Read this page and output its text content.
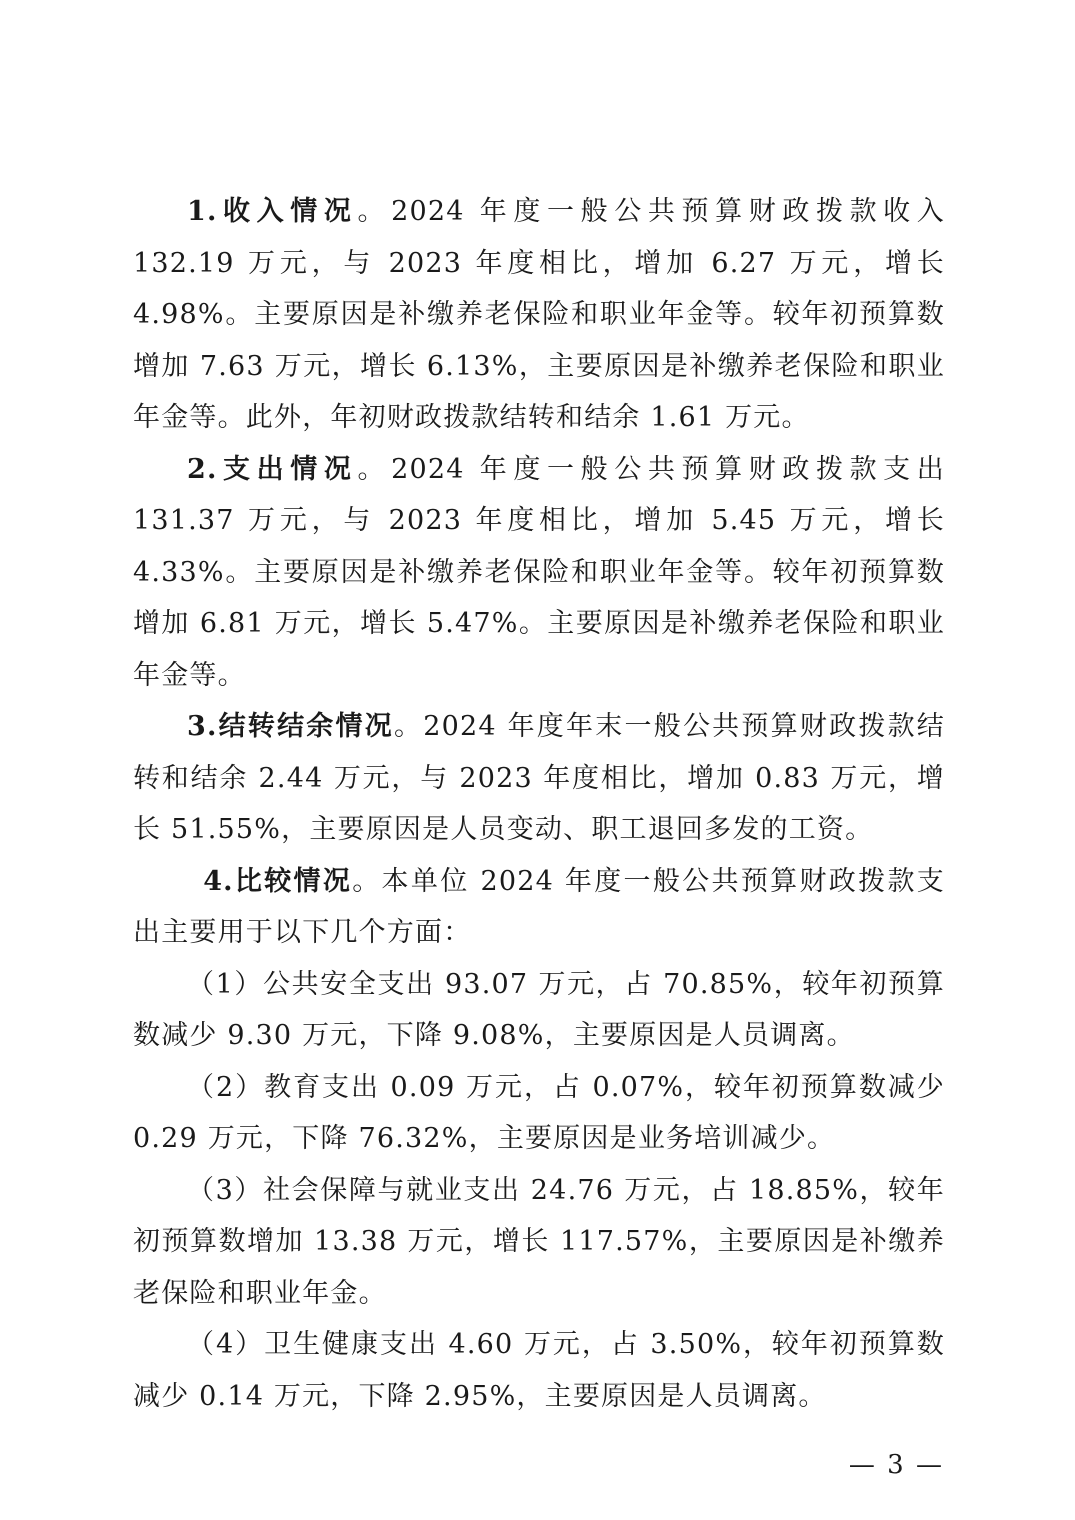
1.收入情况。2024 年度一般公共预算财政拨款收入 132.19 万元，与 2023 年度相比，增加 6.27 万元，增长 4.98%。主要原因是补缴养老保险和职业年金等。较年初预算数增加 7.63 万元，增长 6.13%，主要原因是补缴养老保险和职业年金等。此外，年初财政拨款结转和结余 1.61 万元。

2.支出情况。2024 年度一般公共预算财政拨款支出 131.37 万元，与 2023 年度相比，增加 5.45 万元，增长 4.33%。主要原因是补缴养老保险和职业年金等。较年初预算数增加 6.81 万元，增长 5.47%。主要原因是补缴养老保险和职业年金等。

3.结转结余情况。2024 年度年末一般公共预算财政拨款结转和结余 2.44 万元，与 2023 年度相比，增加 0.83 万元，增长 51.55%，主要原因是人员变动、职工退回多发的工资。

4.比较情况。本单位 2024 年度一般公共预算财政拨款支出主要用于以下几个方面：

（1）公共安全支出 93.07 万元，占 70.85%，较年初预算数减少 9.30 万元，下降 9.08%，主要原因是人员调离。

（2）教育支出 0.09 万元，占 0.07%，较年初预算数减少 0.29 万元，下降 76.32%，主要原因是业务培训减少。

（3）社会保障与就业支出 24.76 万元，占 18.85%，较年初预算数增加 13.38 万元，增长 117.57%，主要原因是补缴养老保险和职业年金。

（4）卫生健康支出 4.60 万元，占 3.50%，较年初预算数减少 0.14 万元，下降 2.95%，主要原因是人员调离。

— 3 —
